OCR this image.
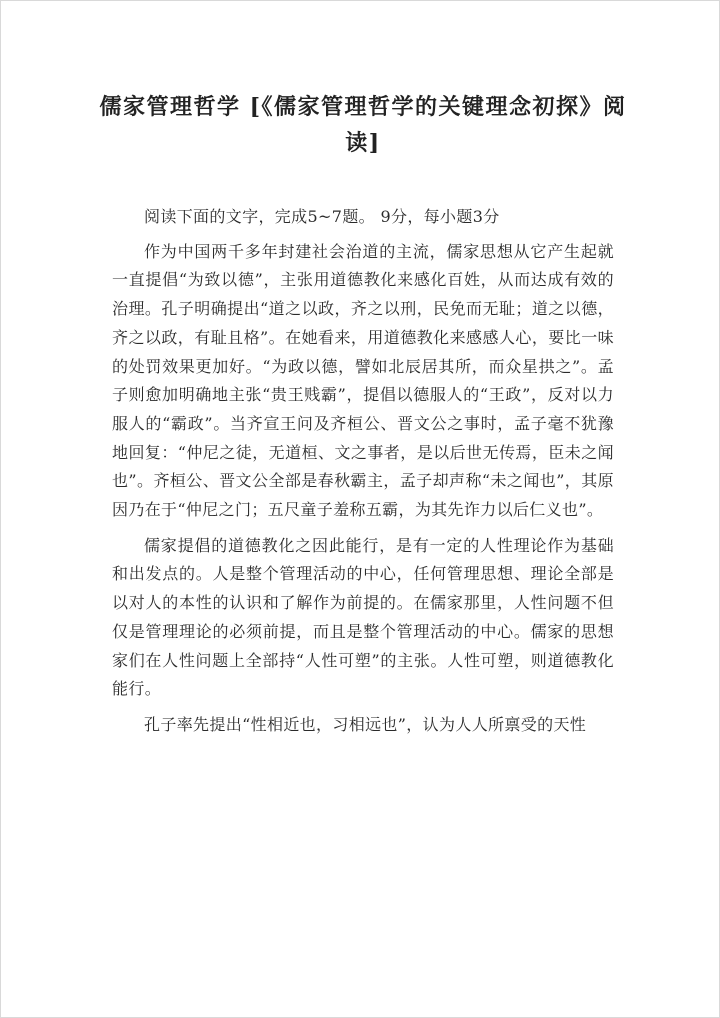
儒家管理哲学 [《儒家管理哲学的关键理念初探》阅读]

阅读下面的文字，完成5~7题。 9分，每小题3分

作为中国两千多年封建社会治道的主流，儒家思想从它产生起就一直提倡“为致以德”，主张用道德教化来感化百姓，从而达成有效的治理。孔子明确提出“道之以政，齐之以刑，民免而无耻；道之以德，齐之以政，有耻且格”。在她看来，用道德教化来感感人心，要比一味的处罚效果更加好。“为政以德，譬如北辰居其所，而众星拱之”。孟子则愈加明确地主张“贵王贱霸”，提倡以德服人的“王政”，反对以力服人的“霸政”。当齐宣王问及齐桓公、晋文公之事时，孟子毫不犹豫地回复：“仲尼之徒，无道桓、文之事者，是以后世无传焉，臣未之闻也”。齐桓公、晋文公全部是春秋霸主，孟子却声称“未之闻也”，其原因乃在于“仲尼之门；五尺童子羞称五霸，为其先诈力以后仁义也”。

儒家提倡的道德教化之因此能行，是有一定的人性理论作为基础和出发点的。人是整个管理活动的中心，任何管理思想、理论全部是以对人的本性的认识和了解作为前提的。在儒家那里，人性问题不但仅是管理理论的必须前提，而且是整个管理活动的中心。儒家的思想家们在人性问题上全部持“人性可塑”的主张。人性可塑，则道德教化能行。

孔子率先提出“性相近也，习相远也”，认为人人所禀受的天性
